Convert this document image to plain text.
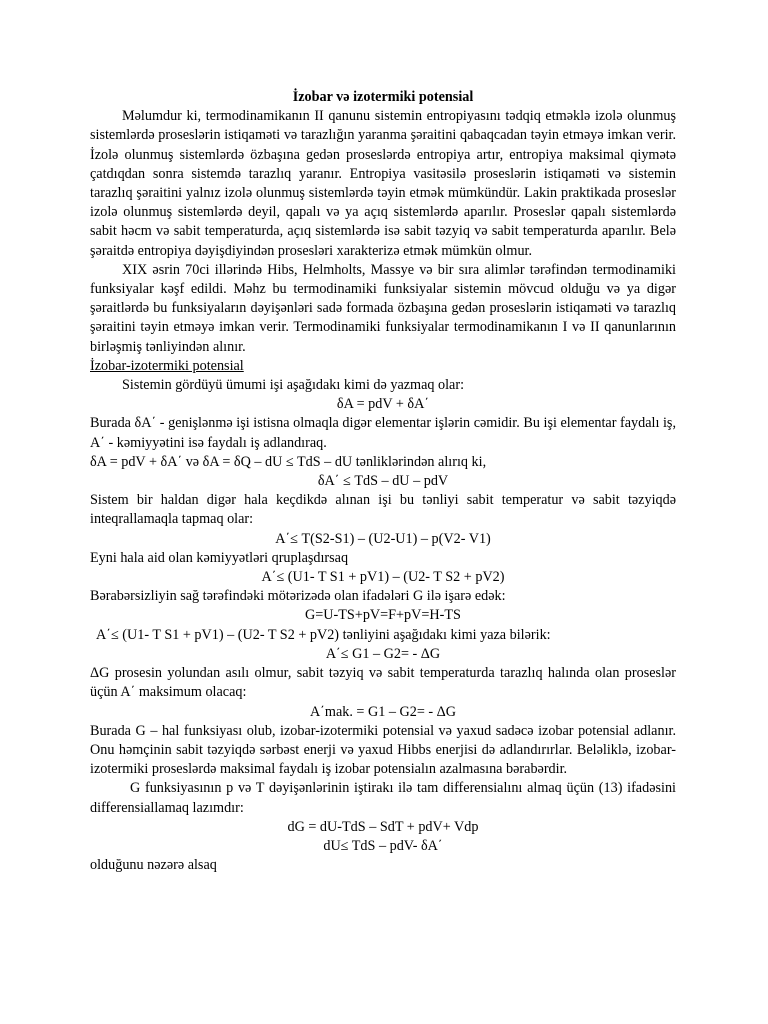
İzobar və izotermiki potensial
Məlumdur ki, termodinamikanın II qanunu sistemin entropiyasını tədqiq etməklə izolə olunmuş sistemlərdə proseslərin istiqaməti və tarazlığın yaranma şəraitini qabaqcadan təyin etməyə imkan verir. İzolə olunmuş sistemlərdə özbaşına gedən proseslərdə entropiya artır, entropiya maksimal qiymətə çatdıqdan sonra sistemdə tarazlıq yaranır. Entropiya vasitəsilə proseslərin istiqaməti və sistemin tarazlıq şəraitini yalnız izolə olunmuş sistemlərdə təyin etmək mümkündür. Lakin praktikada proseslər izolə olunmuş sistemlərdə deyil, qapalı və ya açıq sistemlərdə aparılır. Proseslər qapalı sistemlərdə sabit həcm və sabit temperaturda, açıq sistemlərdə isə sabit təzyiq və sabit temperaturda aparılır. Belə şəraitdə entropiya dəyişdiyindən prosesləri xarakterizə etmək mümkün olmur.
XIX əsrin 70ci illərində Hibs, Helmholts, Massye və bir sıra alimlər tərəfindən termodinamiki funksiyalar kəşf edildi. Məhz bu termodinamiki funksiyalar sistemin mövcud olduğu və ya digər şəraitlərdə bu funksiyaların dəyişənləri sadə formada özbaşına gedən proseslərin istiqaməti və tarazlıq şəraitini təyin etməyə imkan verir. Termodinamiki funksiyalar termodinamikanın I və II qanunlarının birləşmiş tənliyindən alınır.
İzobar-izotermiki potensial
Sistemin gördüyü ümumi işi aşağıdakı kimi də yazmaq olar:
δA = pdV + δA΄
Burada δA΄ - genişlənmə işi istisna olmaqla digər elementar işlərin cəmidir. Bu işi elementar faydalı iş, A΄ - kəmiyyətini isə faydalı iş adlandıraq.
δA = pdV + δA΄ və δA = δQ – dU ≤ TdS – dU tənliklərindən alırıq ki,
δA΄ ≤ TdS – dU – pdV
Sistem bir haldan digər hala keçdikdə alınan işi bu tənliyi sabit temperatur və sabit təzyiqdə inteqrallamaqla tapmaq olar:
A΄≤ T(S2-S1) – (U2-U1) – p(V2- V1)
Eyni hala aid olan kəmiyyətləri qruplaşdırsaq
A΄≤ (U1- T S1 + pV1) – (U2- T S2 + pV2)
Bərabərsizliyin sağ tərəfindəki mötərizədə olan ifadələri G ilə işarə edək:
G=U-TS+pV=F+pV=H-TS
A΄≤ (U1- T S1 + pV1) – (U2- T S2 + pV2) tənliyini aşağıdakı kimi yaza bilərik:
A΄≤ G1 – G2= - ΔG
ΔG prosesin yolundan asılı olmur, sabit təzyiq və sabit temperaturda tarazlıq halında olan proseslər üçün A΄ maksimum olacaq:
A΄mak. = G1 – G2= - ΔG
Burada G – hal funksiyası olub, izobar-izotermiki potensial və yaxud sadəcə izobar potensial adlanır. Onu həmçinin sabit təzyiqdə sərbəst enerji və yaxud Hibbs enerjisi də adlandırırlar. Beləliklə, izobar-izotermiki proseslərdə maksimal faydalı iş izobar potensialın azalmasına bərabərdir.
G funksiyasının p və T dəyişənlərinin iştirakı ilə tam differensialını almaq üçün (13) ifadəsini differensiallamaq lazımdır:
dG = dU-TdS – SdT + pdV+ Vdp
dU≤ TdS – pdV- δA΄
olduğunu nəzərə alsaq
